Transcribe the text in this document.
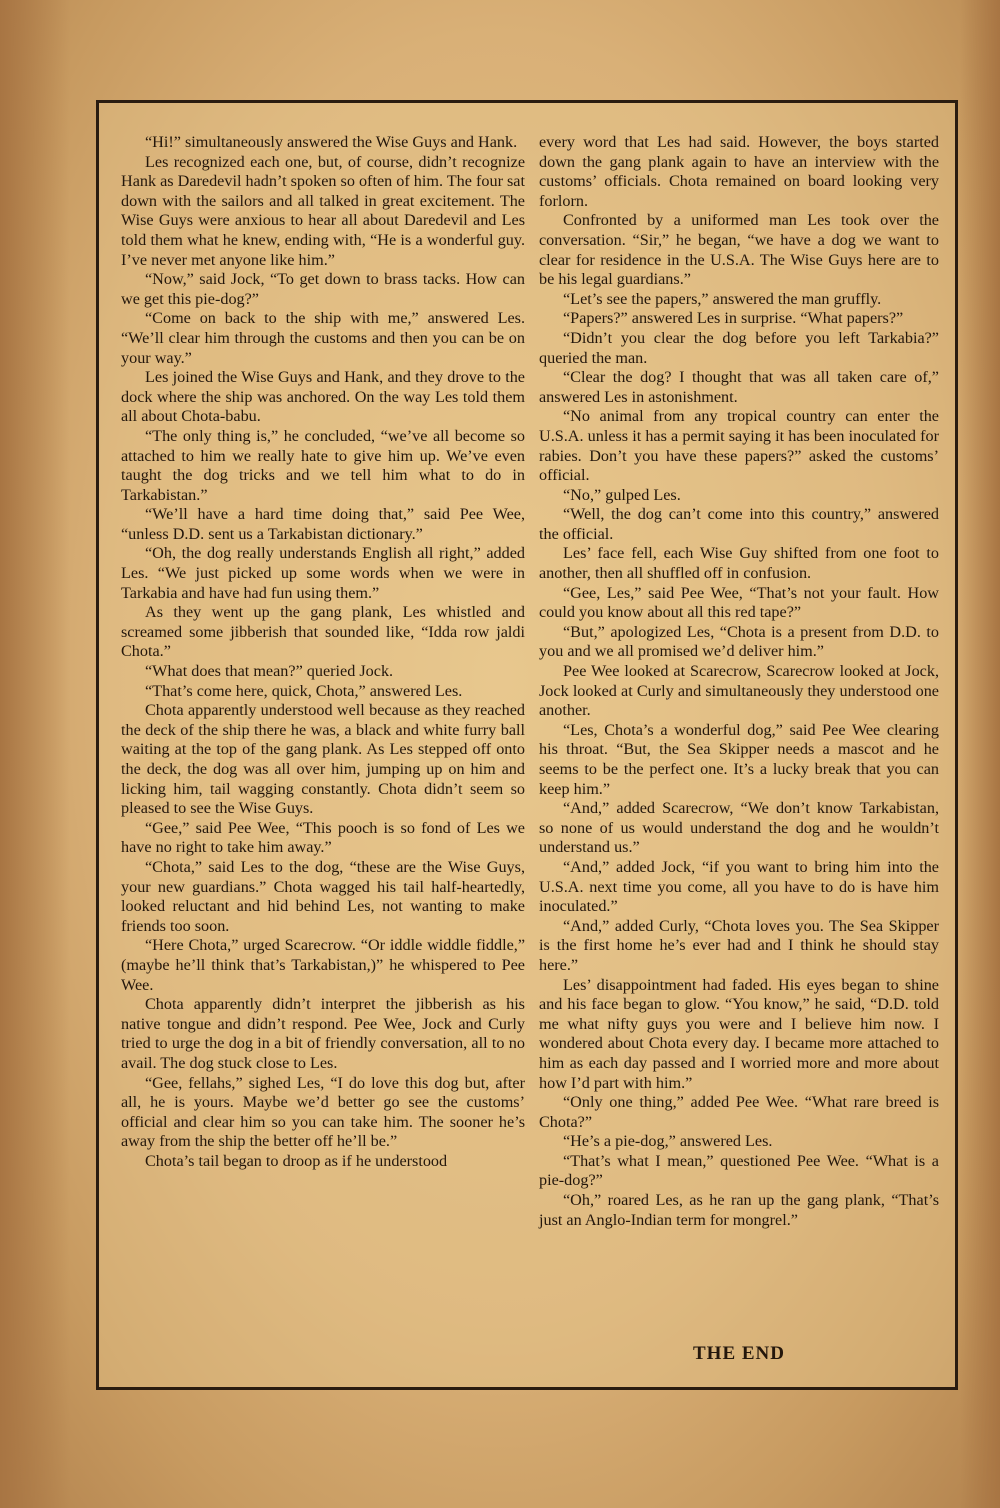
“Hi!” simultaneously answered the Wise Guys and Hank.

Les recognized each one, but, of course, didn’t recognize Hank as Daredevil hadn’t spoken so often of him. The four sat down with the sailors and all talked in great excitement. The Wise Guys were anxious to hear all about Daredevil and Les told them what he knew, ending with, “He is a wonderful guy. I’ve never met anyone like him.”

“Now,” said Jock, “To get down to brass tacks. How can we get this pie-dog?”

“Come on back to the ship with me,” answered Les. “We’ll clear him through the customs and then you can be on your way.”

Les joined the Wise Guys and Hank, and they drove to the dock where the ship was anchored. On the way Les told them all about Chota-babu.

“The only thing is,” he concluded, “we’ve all become so attached to him we really hate to give him up. We’ve even taught the dog tricks and we tell him what to do in Tarkabistan.”

“We’ll have a hard time doing that,” said Pee Wee, “unless D.D. sent us a Tarkabistan dictionary.”

“Oh, the dog really understands English all right,” added Les. “We just picked up some words when we were in Tarkabia and have had fun using them.”

As they went up the gang plank, Les whistled and screamed some jibberish that sounded like, “Idda row jaldi Chota.”

“What does that mean?” queried Jock.

“That’s come here, quick, Chota,” answered Les.

Chota apparently understood well because as they reached the deck of the ship there he was, a black and white furry ball waiting at the top of the gang plank. As Les stepped off onto the deck, the dog was all over him, jumping up on him and licking him, tail wagging constantly. Chota didn’t seem so pleased to see the Wise Guys.

“Gee,” said Pee Wee, “This pooch is so fond of Les we have no right to take him away.”

“Chota,” said Les to the dog, “these are the Wise Guys, your new guardians.” Chota wagged his tail half-heartedly, looked reluctant and hid behind Les, not wanting to make friends too soon.

“Here Chota,” urged Scarecrow. “Or iddle widdle fiddle,” (maybe he’ll think that’s Tarkabistan,)” he whispered to Pee Wee.

Chota apparently didn’t interpret the jibberish as his native tongue and didn’t respond. Pee Wee, Jock and Curly tried to urge the dog in a bit of friendly conversation, all to no avail. The dog stuck close to Les.

“Gee, fellahs,” sighed Les, “I do love this dog but, after all, he is yours. Maybe we’d better go see the customs’ official and clear him so you can take him. The sooner he’s away from the ship the better off he’ll be.”

Chota’s tail began to droop as if he understood

every word that Les had said. However, the boys started down the gang plank again to have an interview with the customs’ officials. Chota remained on board looking very forlorn.

Confronted by a uniformed man Les took over the conversation. “Sir,” he began, “we have a dog we want to clear for residence in the U.S.A. The Wise Guys here are to be his legal guardians.”

“Let’s see the papers,” answered the man gruffly.

“Papers?” answered Les in surprise. “What papers?”

“Didn’t you clear the dog before you left Tarkabia?” queried the man.

“Clear the dog? I thought that was all taken care of,” answered Les in astonishment.

“No animal from any tropical country can enter the U.S.A. unless it has a permit saying it has been inoculated for rabies. Don’t you have these papers?” asked the customs’ official.

“No,” gulped Les.

“Well, the dog can’t come into this country,” answered the official.

Les’ face fell, each Wise Guy shifted from one foot to another, then all shuffled off in confusion.

“Gee, Les,” said Pee Wee, “That’s not your fault. How could you know about all this red tape?”

“But,” apologized Les, “Chota is a present from D.D. to you and we all promised we’d deliver him.”

Pee Wee looked at Scarecrow, Scarecrow looked at Jock, Jock looked at Curly and simultaneously they understood one another.

“Les, Chota’s a wonderful dog,” said Pee Wee clearing his throat. “But, the Sea Skipper needs a mascot and he seems to be the perfect one. It’s a lucky break that you can keep him.”

“And,” added Scarecrow, “We don’t know Tarkabistan, so none of us would understand the dog and he wouldn’t understand us.”

“And,” added Jock, “if you want to bring him into the U.S.A. next time you come, all you have to do is have him inoculated.”

“And,” added Curly, “Chota loves you. The Sea Skipper is the first home he’s ever had and I think he should stay here.”

Les’ disappointment had faded. His eyes began to shine and his face began to glow. “You know,” he said, “D.D. told me what nifty guys you were and I believe him now. I wondered about Chota every day. I became more attached to him as each day passed and I worried more and more about how I’d part with him.”

“Only one thing,” added Pee Wee. “What rare breed is Chota?”

“He’s a pie-dog,” answered Les.

“That’s what I mean,” questioned Pee Wee. “What is a pie-dog?”

“Oh,” roared Les, as he ran up the gang plank, “That’s just an Anglo-Indian term for mongrel.”

THE END
